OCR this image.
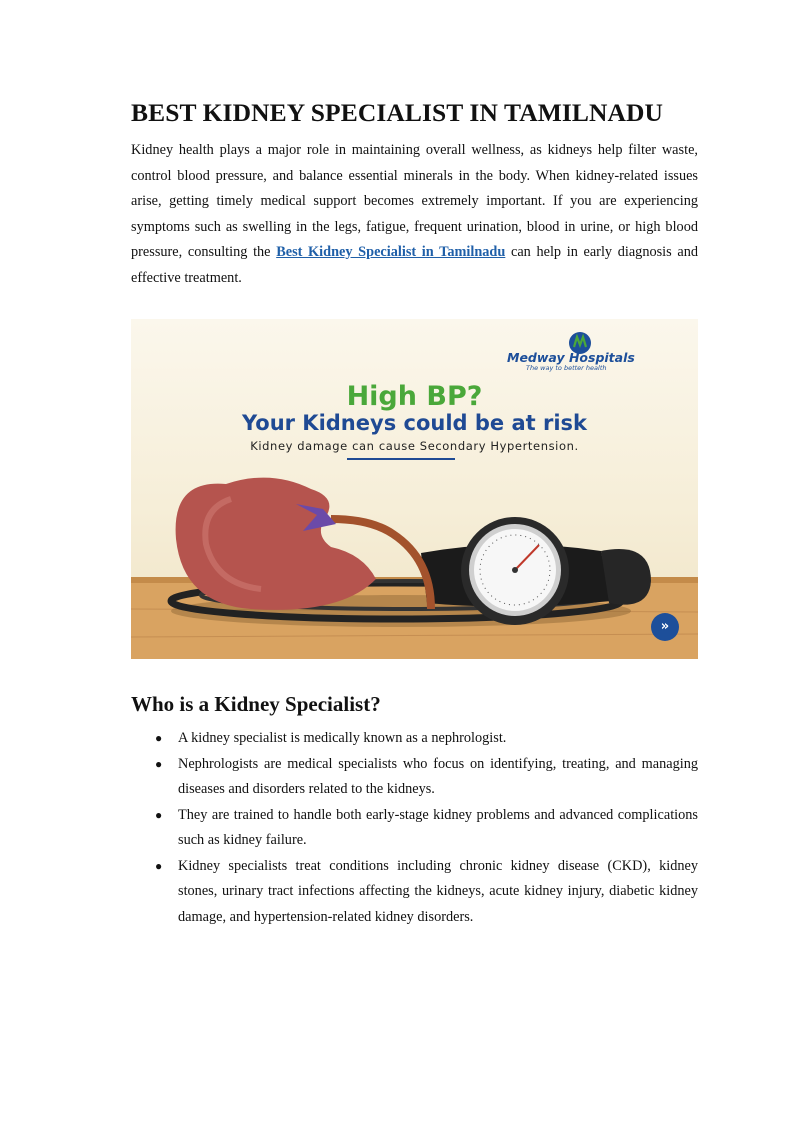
BEST KIDNEY SPECIALIST IN TAMILNADU

Kidney health plays a major role in maintaining overall wellness, as kidneys help filter waste, control blood pressure, and balance essential minerals in the body. When kidney-related issues arise, getting timely medical support becomes extremely important. If you are experiencing symptoms such as swelling in the legs, fatigue, frequent urination, blood in urine, or high blood pressure, consulting the Best Kidney Specialist in Tamilnadu can help in early diagnosis and effective treatment.

Medway Hospitals
The way to better health
High BP?
Your Kidneys could be at risk
Kidney damage can cause Secondary Hypertension.
»
Who is a Kidney Specialist?
● A kidney specialist is medically known as a nephrologist.
● Nephrologists are medical specialists who focus on identifying, treating, and managing diseases and disorders related to the kidneys.
● They are trained to handle both early-stage kidney problems and advanced complications such as kidney failure.
● Kidney specialists treat conditions including chronic kidney disease (CKD), kidney stones, urinary tract infections affecting the kidneys, acute kidney injury, diabetic kidney damage, and hypertension-related kidney disorders.
